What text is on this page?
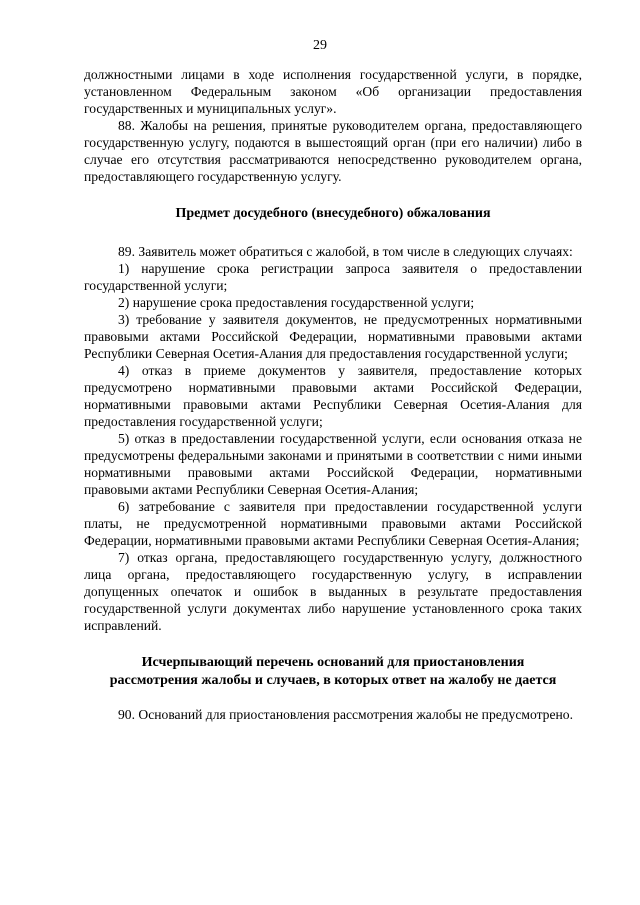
29

должностными лицами в ходе исполнения государственной услуги, в порядке, установленном Федеральным законом «Об организации предоставления государственных и муниципальных услуг».

88. Жалобы на решения, принятые руководителем органа, предоставляющего государственную услугу, подаются в вышестоящий орган (при его наличии) либо в случае его отсутствия рассматриваются непосредственно руководителем органа, предоставляющего государственную услугу.

Предмет досудебного (внесудебного) обжалования

89. Заявитель может обратиться с жалобой, в том числе в следующих случаях:

1) нарушение срока регистрации запроса заявителя о предоставлении государственной услуги;

2) нарушение срока предоставления государственной услуги;

3) требование у заявителя документов, не предусмотренных нормативными правовыми актами Российской Федерации, нормативными правовыми актами Республики Северная Осетия-Алания для предоставления государственной услуги;

4) отказ в приеме документов у заявителя, предоставление которых предусмотрено нормативными правовыми актами Российской Федерации, нормативными правовыми актами Республики Северная Осетия-Алания для предоставления государственной услуги;

5) отказ в предоставлении государственной услуги, если основания отказа не предусмотрены федеральными законами и принятыми в соответствии с ними иными нормативными правовыми актами Российской Федерации, нормативными правовыми актами Республики Северная Осетия-Алания;

6) затребование с заявителя при предоставлении государственной услуги платы, не предусмотренной нормативными правовыми актами Российской Федерации, нормативными правовыми актами Республики Северная Осетия-Алания;

7) отказ органа, предоставляющего государственную услугу, должностного лица органа, предоставляющего государственную услугу, в исправлении допущенных опечаток и ошибок в выданных в результате предоставления государственной услуги документах либо нарушение установленного срока таких исправлений.

Исчерпывающий перечень оснований для приостановления
рассмотрения жалобы и случаев, в которых ответ на жалобу не дается

90. Оснований для приостановления рассмотрения жалобы не предусмотрено.
